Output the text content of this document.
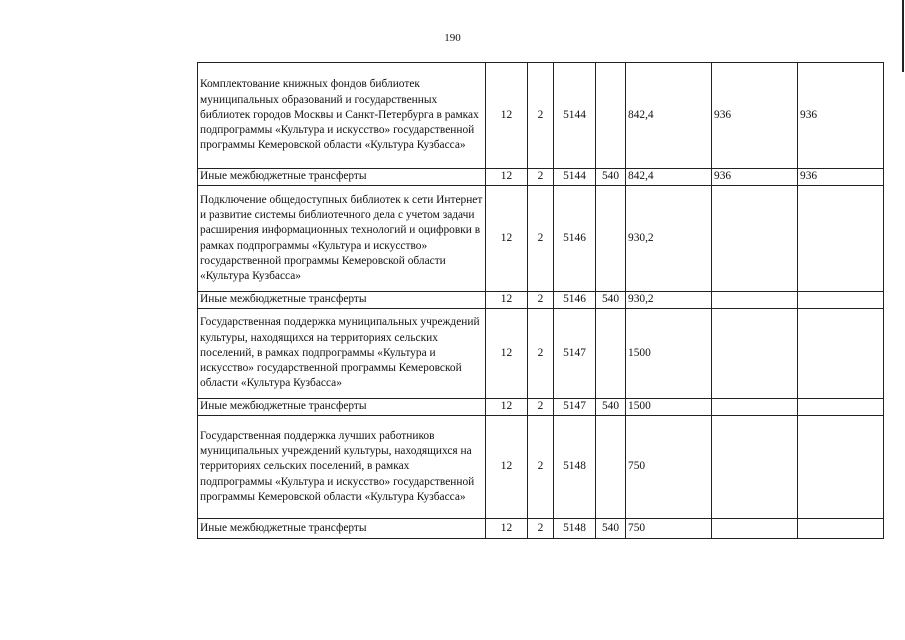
190
Комплектование книжных фондов библиотек муниципальных образований и государственных библиотек городов Москвы и Санкт-Петербурга в рамках подпрограммы «Культура и искусство» государственной программы Кемеровской области «Культура Кузбасса»	12	2	5144		842,4	936	936
Иные межбюджетные трансферты	12	2	5144	540	842,4	936	936
Подключение общедоступных библиотек к сети Интернет и развитие системы библиотечного дела с учетом задачи расширения информационных технологий и оцифровки в рамках подпрограммы «Культура и искусство» государственной программы Кемеровской области «Культура Кузбасса»	12	2	5146		930,2		
Иные межбюджетные трансферты	12	2	5146	540	930,2		
Государственная поддержка муниципальных учреждений культуры, находящихся на территориях сельских поселений, в рамках подпрограммы «Культура и искусство» государственной программы Кемеровской области «Культура Кузбасса»	12	2	5147		1500		
Иные межбюджетные трансферты	12	2	5147	540	1500		
Государственная поддержка лучших работников муниципальных учреждений культуры, находящихся на территориях сельских поселений, в рамках подпрограммы «Культура и искусство» государственной программы Кемеровской области «Культура Кузбасса»	12	2	5148		750		
Иные межбюджетные трансферты	12	2	5148	540	750		
